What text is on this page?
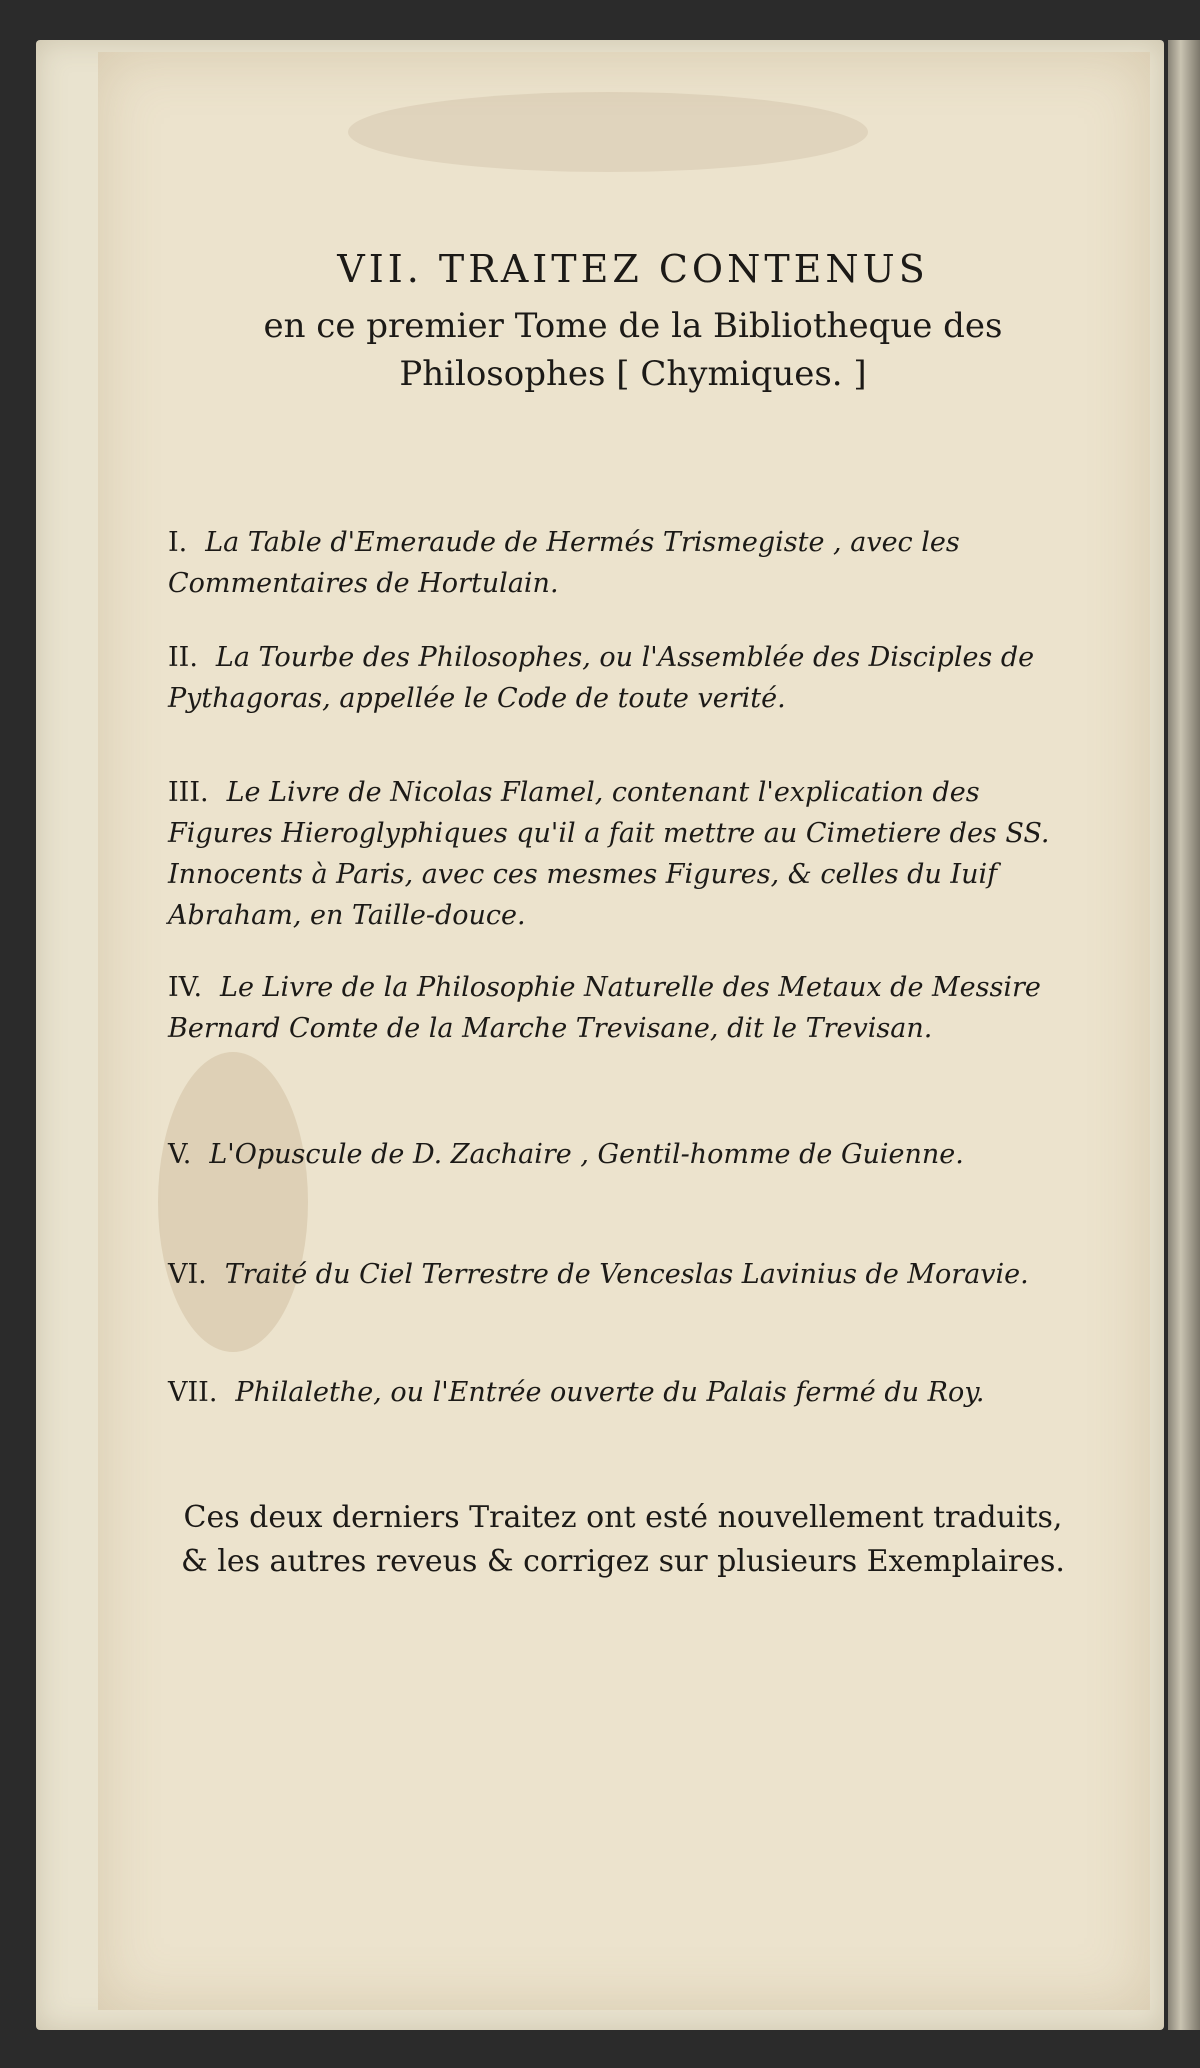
VII. TRAITEZ CONTENUS
en ce premier Tome de la Bibliotheque des Philosophes [ Chymiques. ]
I. La Table d'Emeraude de Hermés Trismegiste , avec les Commentaires de Hortulain.
II. La Tourbe des Philosophes, ou l'Assemblée des Disciples de Pythagoras, appellée le Code de toute verité.
III. Le Livre de Nicolas Flamel, contenant l'explication des Figures Hieroglyphiques qu'il a fait mettre au Cimetiere des SS. Innocents à Paris, avec ces mesmes Figures, & celles du Iuif Abraham, en Taille-douce.
IV. Le Livre de la Philosophie Naturelle des Metaux de Messire Bernard Comte de la Marche Trevisane, dit le Trevisan.
V. L'Opuscule de D. Zachaire , Gentil-homme de Guienne.
VI. Traité du Ciel Terrestre de Venceslas Lavinius de Moravie.
VII. Philalethe, ou l'Entrée ouverte du Palais fermé du Roy.
Ces deux derniers Traitez ont esté nouvellement traduits, & les autres reveus & corrigez sur plusieurs Exemplaires.
